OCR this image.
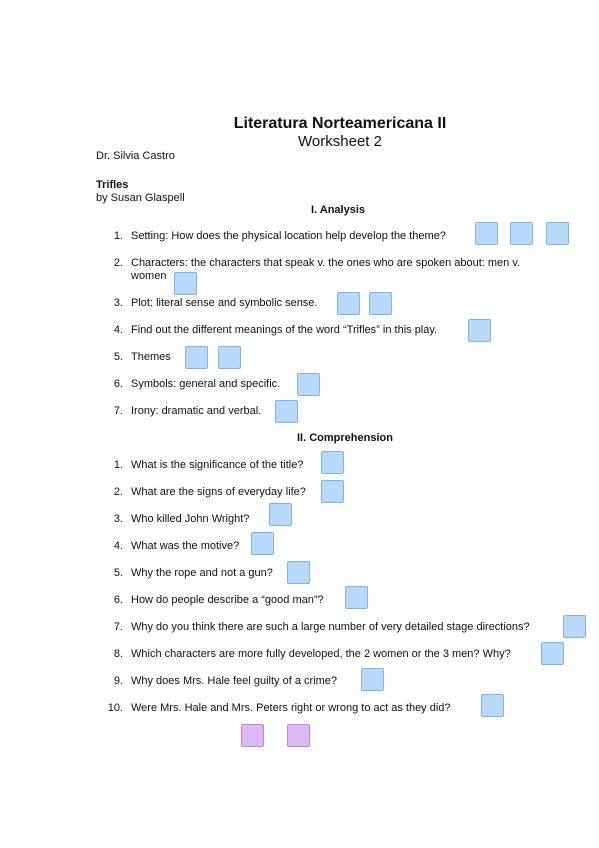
Literatura Norteamericana II
Worksheet 2
Dr. Silvia Castro
Trifles
by Susan Glaspell
I. Analysis
1. Setting: How does the physical location help develop the theme?
2. Characters: the characters that speak v. the ones who are spoken about: men v.
women
3. Plot: literal sense and symbolic sense.
4. Find out the different meanings of the word “Trifles” in this play.
5. Themes
6. Symbols: general and specific.
7. Irony: dramatic and verbal.
II. Comprehension
1. What is the significance of the title?
2. What are the signs of everyday life?
3. Who killed John Wright?
4. What was the motive?
5. Why the rope and not a gun?
6. How do people describe a “good man”?
7. Why do you think there are such a large number of very detailed stage directions?
8. Which characters are more fully developed, the 2 women or the 3 men? Why?
9. Why does Mrs. Hale feel guilty of a crime?
10. Were Mrs. Hale and Mrs. Peters right or wrong to act as they did?
